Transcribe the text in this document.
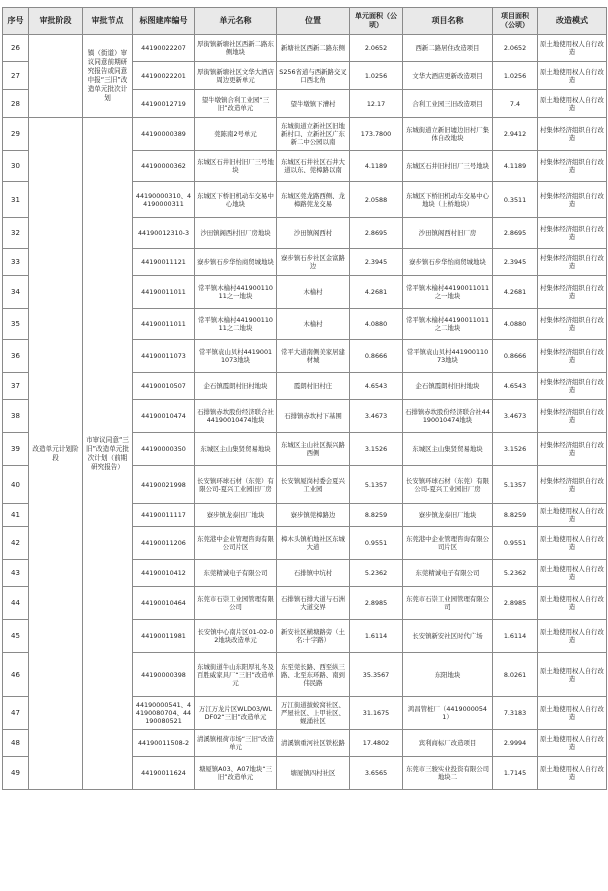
序号	审批阶段	审批节点	标图建库编号	单元名称	位置	单元面积（公顷）	项目名称	项目面积（公顷）	改造模式
26		镇（街道）审议同意前期研究报告或同意申报“三旧”改造单元批次计划	44190022207	厚街镇新塘社区西新二路东侧地块	新塘社区西新二路东侧	2.0652	西新二路居住改造项目	2.0652	原土地使用权人自行改造
27			44190022201	厚街镇新塘社区文华大酒店周边更新单元	S256省道与西新路交叉口西北角	1.0256	文华大酒店更新改造项目	1.0256	原土地使用权人自行改造
28			44190012719	望牛墩镇合利工业园“三旧”改造单元	望牛墩镇下漕村	12.17	合利工业园三旧改造项目	7.4	原土地使用权人自行改造
29	改造单元计划阶段	市审议同意“三旧”改造单元批次计划（前期研究报告）	44190000389	莞陈南2号单元	东城街道立新社区旧地新村口、立新社区广东新二中公园以南	173.7800	东城街道立新旧墟边旧村厂集体自改地块	2.9412	村集体经济组织自行改造
30			44190000362	东城区石井旧村旧厂三号地块	东城区石井社区石井大道以东、莞樟路以南	4.1189	东城区石井旧村旧厂三号地块	4.1189	村集体经济组织自行改造
31			44190000310、44190000311	东城区下桥旧机动车交易中心地块	东城区莞龙路西侧、龙樟路莞龙交易	2.0588	东城区下桥旧机动车交易中心地块（上桥地块）	0.3511	村集体经济组织自行改造
32			44190012310-3	沙田镇阁西村旧厂房地块	沙田镇阁西村	2.8695	沙田镇阁西村旧厂房	2.8695	村集体经济组织自行改造
33			44190011121	寮步镇石步华怡商贸城地块	寮步镇石步社区金富路边	2.3945	寮步镇石步华怡商贸城地块	2.3945	村集体经济组织自行改造
34			44190011011	常平镇木棆村44190011011之一地块	木棆村	4.2681	常平镇木棆村44190011011之一地块	4.2681	村集体经济组织自行改造
35			44190011011	常平镇木棆村44190011011之二地块	木棆村	4.0880	常平镇木棆村44190011011之二地块	4.0880	村集体经济组织自行改造
36			44190011073	常平镇袁山贝村44190011073地块	常平大道南侧美家居建材城	0.8666	常平镇袁山贝村44190011073地块	0.8666	村集体经济组织自行改造
37			44190010507	企石镇霞朗村旧村地块	霞朗村旧村庄	4.6543	企石镇霞朗村旧村地块	4.6543	村集体经济组织自行改造
38			44190010474	石排镇赤坎股份经济联合社44190010474地块	石排镇赤坎村下基围	3.4673	石排镇赤坎股份经济联合社44190010474地块	3.4673	村集体经济组织自行改造
39			44190000350	东城区主山集贤贸易地块	东城区主山社区振兴路西侧	3.1526	东城区主山集贤贸易地块	3.1526	村集体经济组织自行改造
40			44190021998	长安镇环球石材（东莞）有限公司-夏兴工业园旧厂房	长安镇厦岗村委会夏兴工业园	5.1357	长安镇环球石材（东莞）有限公司-夏兴工业园旧厂房	5.1357	村集体经济组织自行改造
41			44190011117	寮步镇龙泰旧厂地块	寮步镇莞樟路边	8.8259	寮步镇龙泰旧厂地块	8.8259	原土地使用权人自行改造
42			44190011206	东莞港中企业管理咨询有限公司片区	樟木头镇柏地社区东城大道	0.9551	东莞港中企业管理咨询有限公司片区	0.9551	原土地使用权人自行改造
43			44190010412	东莞精诚电子有限公司	石排镇中坑村	5.2362	东莞精诚电子有限公司	5.2362	原土地使用权人自行改造
44			44190010464	东莞市石崇工业园管理有限公司	石排镇石排大道与石洲大道交界	2.8985	东莞市石崇工业园管理有限公司	2.8985	原土地使用权人自行改造
45			44190011981	长安镇中心南片区01-02-02地块改造单元	新安社区横塘路旁（土名:十字路）	1.6114	长安镇新安社区时代广场	1.6114	原土地使用权人自行改造
46			44190000398	东城街道牛山东阳厚礼冬及百胜威家具厂“三旧”改造单元	东至莞长路、西至纵三路、北至东环路、南到伟民路	35.3567	东阳地块	8.0261	原土地使用权人自行改造
47			44190000541、44190080704、44190080521	万江万龙片区WLD03/WLDF02“三旧”改造单元	万江街道拔蛟窝社区、严屋社区、上甲社区、蚬涌社区	31.1675	鸿昌管桩厂（44190000541）	7.3183	原土地使用权人自行改造
48			44190011508-2	清溪镇根荷市场“三旧”改造单元	清溪镇重河社区铁松路	17.4802	宾利商标厂改造项目	2.9994	原土地使用权人自行改造
49			44190011624	塘厦镇A03、A07地块“三旧”改造单元	塘厦镇四村社区	3.6565	东莞市三骏实业投资有限公司地块二	1.7145	原土地使用权人自行改造
